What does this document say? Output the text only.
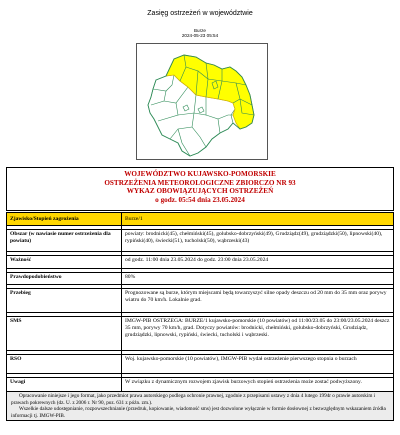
Zasięg ostrzeżeń w województwie
Burze
2024-05-23 05:54
WOJEWÓDZTWO KUJAWSKO-POMORSKIE
OSTRZEŻENIA METEOROLOGICZNE ZBIORCZO NR 93
WYKAZ OBOWIĄZUJĄCYCH OSTRZEŻEŃ
o godz. 05:54 dnia 23.05.2024
Zjawisko/Stopień zagrożenia	Burze/1

Obszar (w nawiasie numer ostrzeżenia dla powiatu)	powiaty: brodnicki(45), chełmiński(45), golubsko-dobrzyński(49), Grudziądz(49), grudziądzki(50), lipnowski(40), rypiński(40), świecki(51), tucholski(50), wąbrzeski(43)

Ważność	od godz. 11:00 dnia 23.05.2024 do godz. 23:00 dnia 23.05.2024

Prawdopodobieństwo	80%

Przebieg	Prognozowane są burze, którym miejscami będą towarzyszyć silne opady deszczu od 20 mm do 35 mm oraz porywy wiatru do 70 km/h. Lokalnie grad.

SMS	IMGW-PIB OSTRZEGA: BURZE/1 kujawsko-pomorskie (10 powiatów) od 11:00/23.05 do 23:00/23.05.2024 deszcz 35 mm, porywy 70 km/h, grad. Dotyczy powiatów: brodnicki, chełmiński, golubsko-dobrzyński, Grudziądz, grudziądzki, lipnowski, rypiński, świecki, tucholski i wąbrzeski.

RSO	Woj. kujawsko-pomorskie (10 powiatów), IMGW-PIB wydał ostrzeżenie pierwszego stopnia o burzach

Uwagi	W związku z dynamicznym rozwojem zjawisk burzowych stopień ostrzeżenia może zostać podwyższony.

Opracowanie niniejsze i jego format, jako przedmiot prawa autorskiego podlega ochronie prawnej, zgodnie z przepisami ustawy z dnia 4 lutego 1994r o prawie autorskim i prawach pokrewnych (dz. U. z 2006 r. Nr 90, poz. 631 z późn. zm.).

Wszelkie dalsze udostępnianie, rozpowszechnianie (przedruk, kopiowanie, wiadomość sms) jest dozwolone wyłącznie w formie dosłownej z bezwzględnym wskazaniem źródła informacji tj. IMGW-PIB.
